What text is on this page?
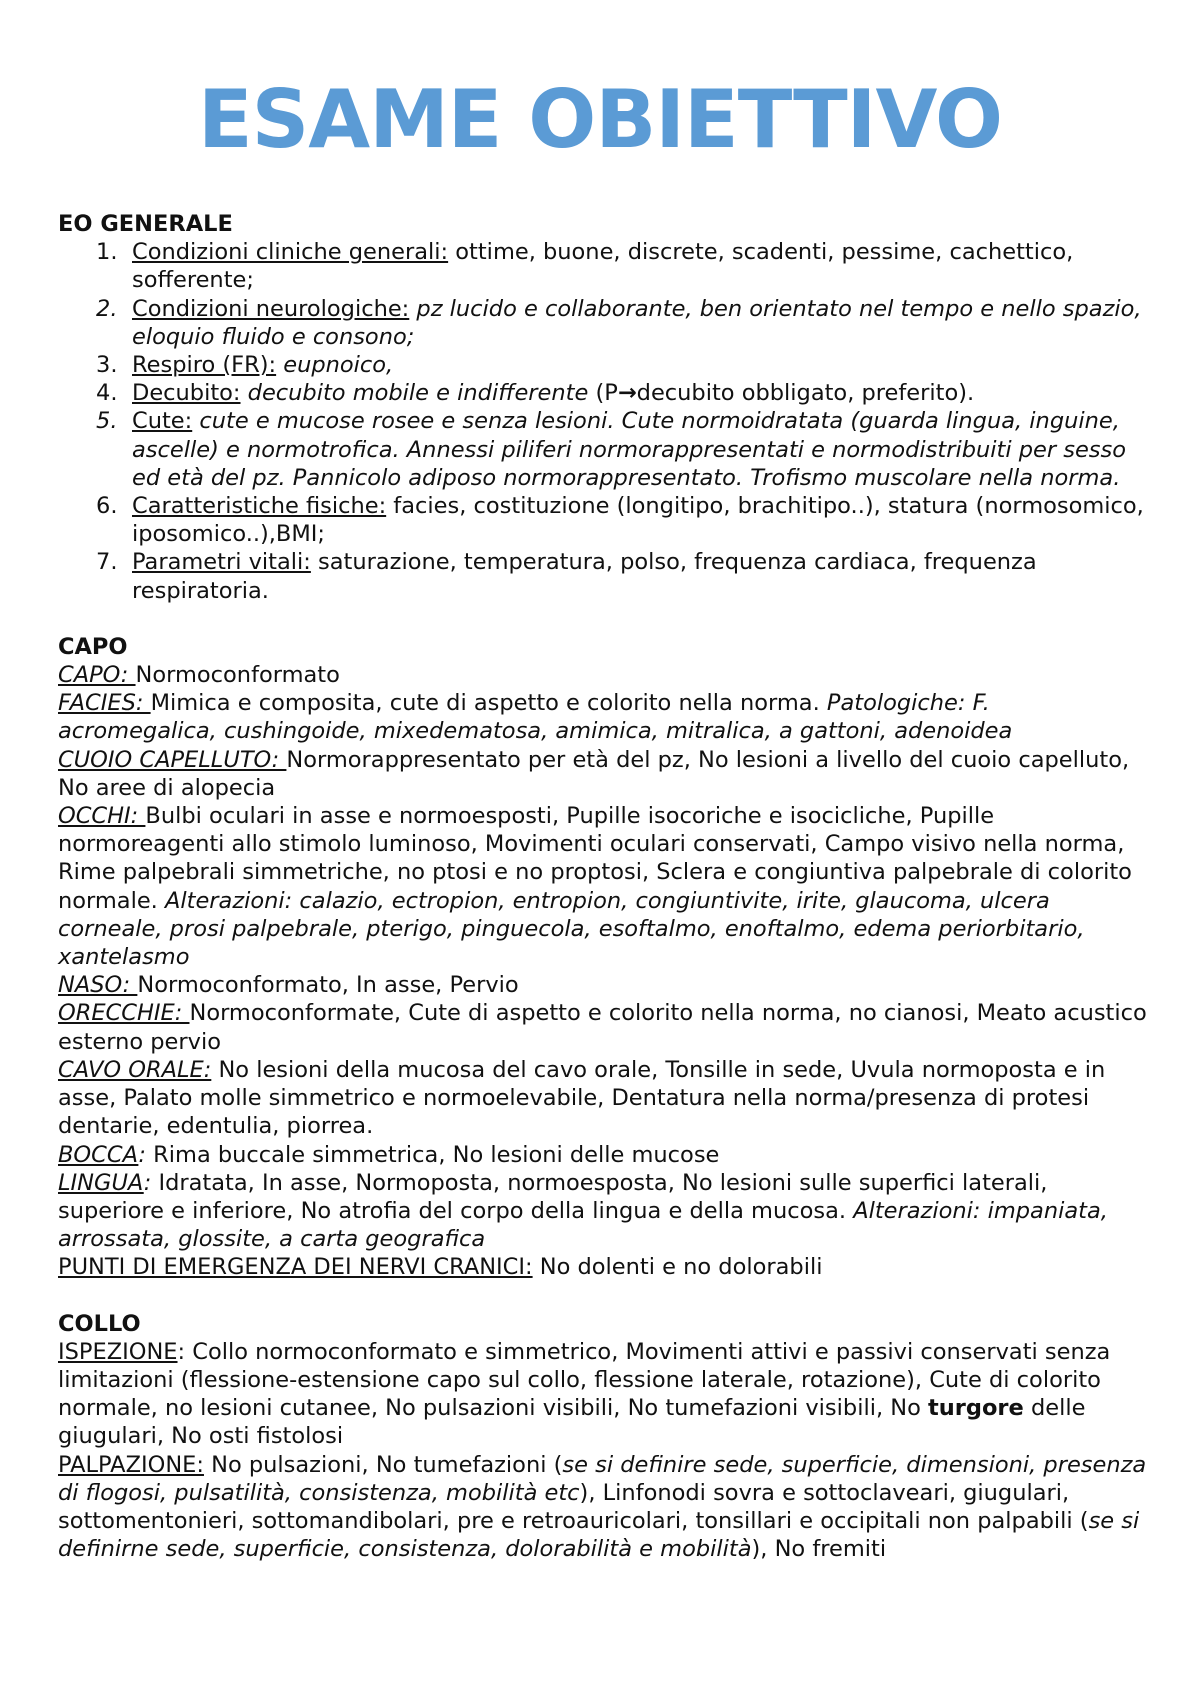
ESAME OBIETTIVO

EO GENERALE

1. Condizioni cliniche generali: ottime, buone, discrete, scadenti, pessime, cachettico, sofferente;
2. Condizioni neurologiche: pz lucido e collaborante, ben orientato nel tempo e nello spazio, eloquio fluido e consono;
3. Respiro (FR): eupnoico,
4. Decubito: decubito mobile e indifferente (P→decubito obbligato, preferito).
5. Cute: cute e mucose rosee e senza lesioni. Cute normoidratata (guarda lingua, inguine, ascelle) e normotrofica. Annessi piliferi normorappresentati e normodistribuiti per sesso ed età del pz. Pannicolo adiposo normorappresentato. Trofismo muscolare nella norma.
6. Caratteristiche fisiche: facies, costituzione (longitipo, brachitipo..), statura (normosomico, iposomico..),BMI;
7. Parametri vitali: saturazione, temperatura, polso, frequenza cardiaca, frequenza respiratoria.

CAPO

CAPO: Normoconformato

FACIES: Mimica e composita, cute di aspetto e colorito nella norma. Patologiche: F. acromegalica, cushingoide, mixedematosa, amimica, mitralica, a gattoni, adenoidea

CUOIO CAPELLUTO: Normorappresentato per età del pz, No lesioni a livello del cuoio capelluto, No aree di alopecia

OCCHI: Bulbi oculari in asse e normoesposti, Pupille isocoriche e isocicliche, Pupille normoreagenti allo stimolo luminoso, Movimenti oculari conservati, Campo visivo nella norma, Rime palpebrali simmetriche, no ptosi e no proptosi, Sclera e congiuntiva palpebrale di colorito normale. Alterazioni: calazio, ectropion, entropion, congiuntivite, irite, glaucoma, ulcera corneale, prosi palpebrale, pterigo, pinguecola, esoftalmo, enoftalmo, edema periorbitario, xantelasmo

NASO: Normoconformato, In asse, Pervio

ORECCHIE: Normoconformate, Cute di aspetto e colorito nella norma, no cianosi, Meato acustico esterno pervio

CAVO ORALE: No lesioni della mucosa del cavo orale, Tonsille in sede, Uvula normoposta e in asse, Palato molle simmetrico e normoelevabile, Dentatura nella norma/presenza di protesi dentarie, edentulia, piorrea.

BOCCA: Rima buccale simmetrica, No lesioni delle mucose

LINGUA: Idratata, In asse, Normoposta, normoesposta, No lesioni sulle superfici laterali, superiore e inferiore, No atrofia del corpo della lingua e della mucosa. Alterazioni: impaniata, arrossata, glossite, a carta geografica

PUNTI DI EMERGENZA DEI NERVI CRANICI: No dolenti e no dolorabili

COLLO

ISPEZIONE: Collo normoconformato e simmetrico, Movimenti attivi e passivi conservati senza limitazioni (flessione-estensione capo sul collo, flessione laterale, rotazione), Cute di colorito normale, no lesioni cutanee, No pulsazioni visibili, No tumefazioni visibili, No turgore delle giugulari, No osti fistolosi

PALPAZIONE: No pulsazioni, No tumefazioni (se si definire sede, superficie, dimensioni, presenza di flogosi, pulsatilità, consistenza, mobilità etc), Linfonodi sovra e sottoclaveari, giugulari, sottomentonieri, sottomandibolari, pre e retroauricolari, tonsillari e occipitali non palpabili (se si definirne sede, superficie, consistenza, dolorabilità e mobilità), No fremiti
